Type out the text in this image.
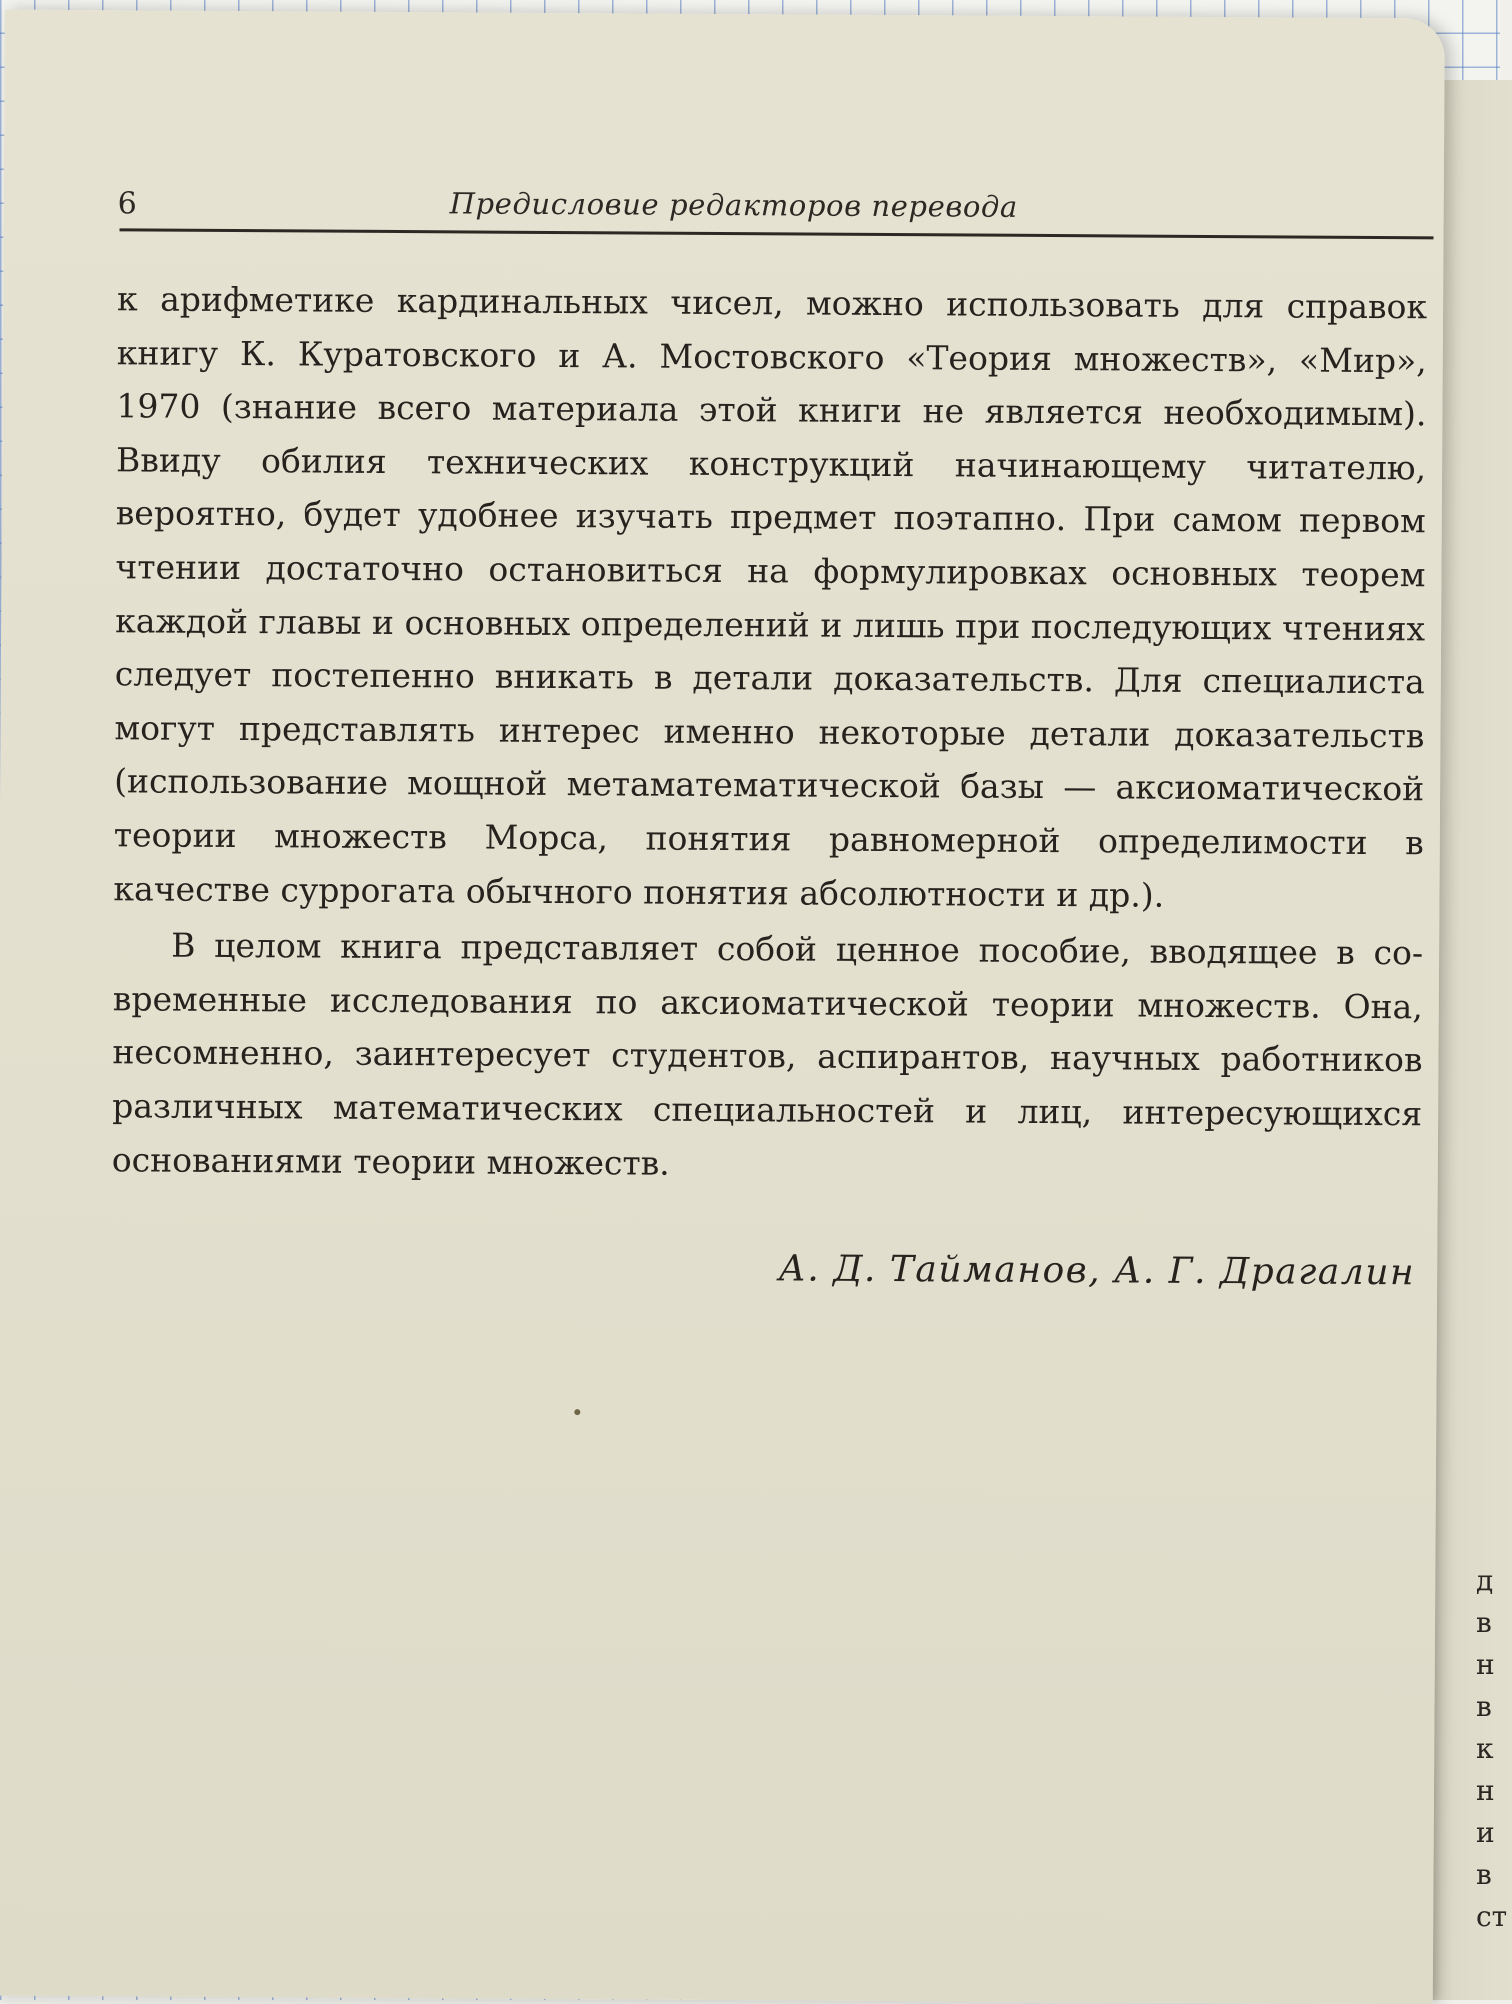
д
в
н
в
к
н
и
в
ст
6	Предисловие редакторов перевода

к арифметике кардинальных чисел, можно использовать для справок книгу К. Куратовского и А. Мостовского «Теория множеств», «Мир», 1970 (знание всего материала этой книги не является необходимым). Ввиду обилия технических конструкций начинающему читателю, вероятно, будет удобнее изучать предмет поэтапно. При самом первом чтении достаточно остановиться на формулировках основных теорем каждой главы и основных определений и лишь при последующих чтениях следует постепенно вникать в детали доказательств. Для специалиста могут представлять интерес именно некоторые детали доказательств (использование мощной метаматематической базы — аксиоматической теории множеств Морса, понятия равномерной определимости в качестве суррогата обычного понятия абсолютности и др.).

В целом книга представляет собой ценное пособие, вводящее в современные исследования по аксиоматической теории множеств. Она, несомненно, заинтересует студентов, аспирантов, научных работников различных математических специальностей и лиц, интересующихся основаниями теории множеств.

А. Д. Тайманов, А. Г. Драгалин
